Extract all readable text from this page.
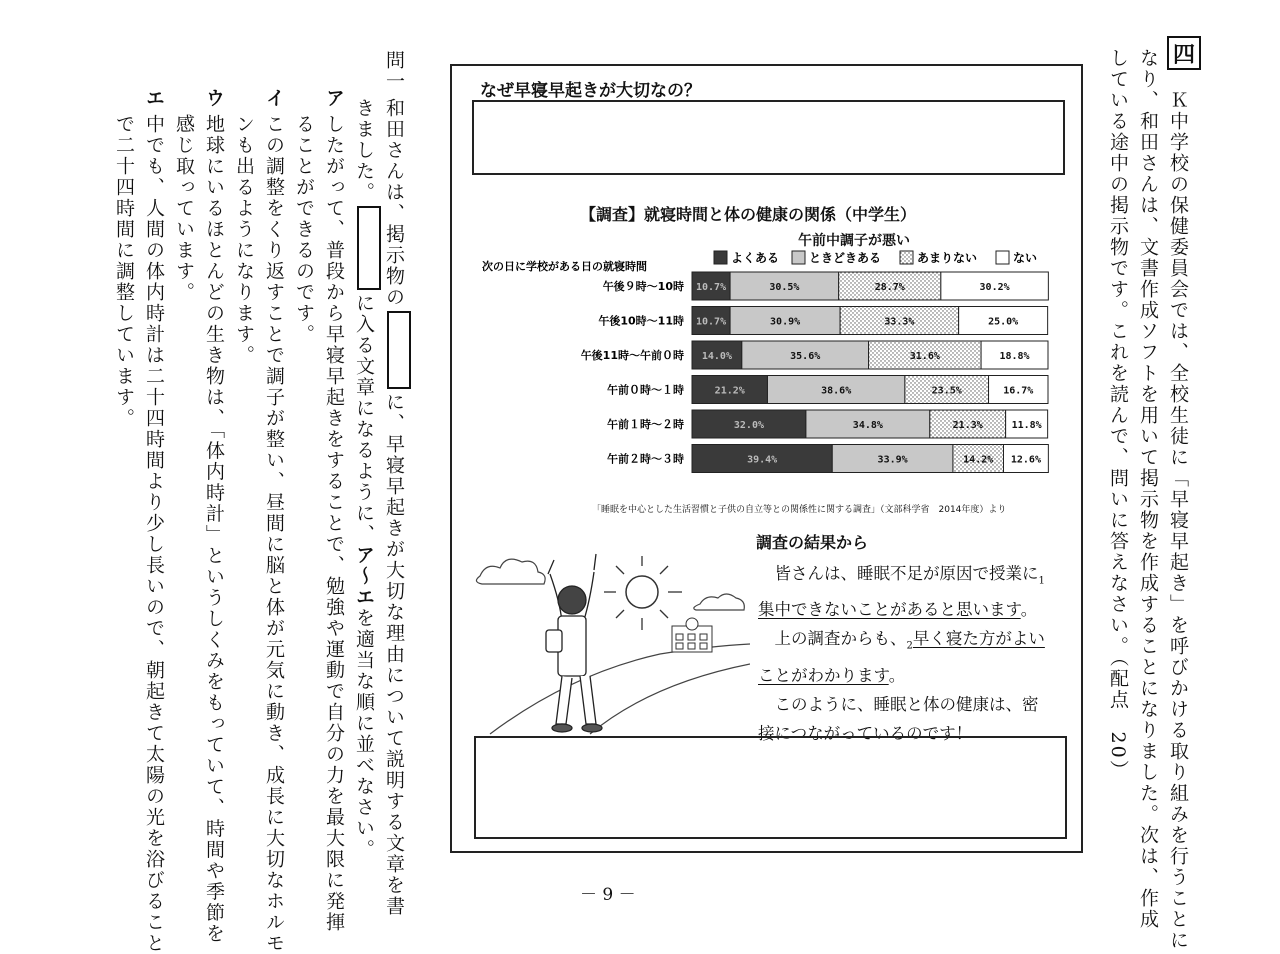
四
Ｋ中学校の保健委員会では、全校生徒に「早寝早起き」を呼びかける取り組みを行うことに
なり、和田さんは、文書作成ソフトを用いて掲示物を作成することになりました。次は、作成
している途中の掲示物です。これを読んで、問いに答えなさい。（配点　20）
なぜ早寝早起きが大切なの？
【調査】就寝時間と体の健康の関係（中学生）
午前中調子が悪い
よくある ときどきある	あまりない	ない
次の日に学校がある日の就寝時間
午後９時〜10時 10.7%	30.5%	28.7%	30.2%
午後10時〜11時 10.7%	30.9%	33.3%	25.0%
午後11時〜午前０時 14.0%	35.6%	31.6%	18.8%
午前０時〜１時	21.2%	38.6%	23.5%	16.7%
午前１時〜２時	32.0%	34.8%	21.3%	11.8%
午前２時〜３時	39.4%	33.9%	14.2% 12.6%
「睡眠を中心とした生活習慣と子供の自立等との関係性に関する調査」（文部科学省　2014年度）より
調査の結果から

　皆さんは、睡眠不足が原因で授業に$_1$集中できないことがあると思います。

　上の調査からも、$_2$早く寝た方がよいことがわかります。

　このように、睡眠と体の健康は、密接につながっているのです！

問一
和田さんは、掲示物のに、早寝早起きが大切な理由について説明する文章を書
きました。に入る文章になるように、ア〜エを適当な順に並べなさい。
ア
したがって、普段から早寝早起きをすることで、勉強や運動で自分の力を最大限に発揮
ることができるのです。
イ
この調整をくり返すことで調子が整い、昼間に脳と体が元気に動き、成長に大切なホルモ
ンも出るようになります。
ウ
地球にいるほとんどの生き物は、「体内時計」というしくみをもっていて、時間や季節を
感じ取っています。
エ
中でも、人間の体内時計は二十四時間より少し長いので、朝起きて太陽の光を浴びること
で二十四時間に調整しています。
－ 9 －
